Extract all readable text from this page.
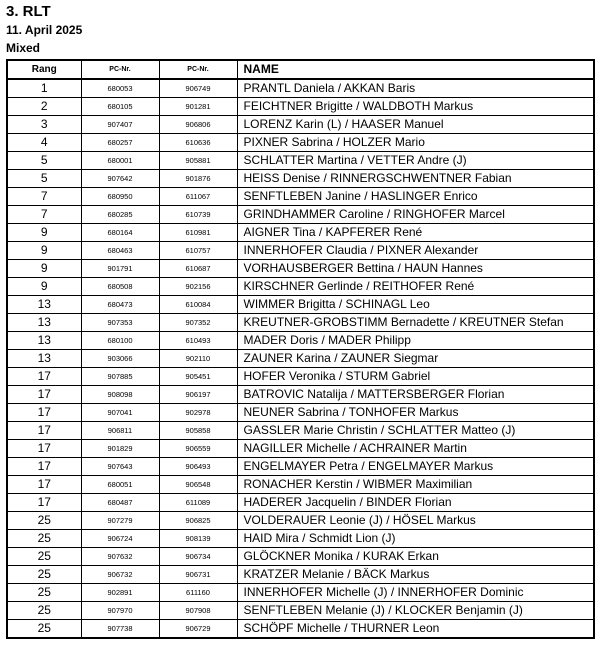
3. RLT
11. April 2025
Mixed
Rang	PC-Nr.	PC-Nr.	NAME
1	680053	906749	PRANTL Daniela / AKKAN Baris
2	680105	901281	FEICHTNER Brigitte / WALDBOTH Markus
3	907407	906806	LORENZ Karin (L) / HAASER Manuel
4	680257	610636	PIXNER Sabrina / HOLZER Mario
5	680001	905881	SCHLATTER Martina / VETTER Andre (J)
5	907642	901876	HEISS Denise / RINNERGSCHWENTNER Fabian
7	680950	611067	SENFTLEBEN Janine / HASLINGER Enrico
7	680285	610739	GRINDHAMMER Caroline / RINGHOFER Marcel
9	680164	610981	AIGNER Tina / KAPFERER René
9	680463	610757	INNERHOFER Claudia / PIXNER Alexander
9	901791	610687	VORHAUSBERGER Bettina / HAUN Hannes
9	680508	902156	KIRSCHNER Gerlinde / REITHOFER René
13	680473	610084	WIMMER Brigitta / SCHINAGL Leo
13	907353	907352	KREUTNER-GROBSTIMM Bernadette / KREUTNER Stefan
13	680100	610493	MADER Doris / MADER Philipp
13	903066	902110	ZAUNER Karina / ZAUNER Siegmar
17	907885	905451	HOFER Veronika / STURM Gabriel
17	908098	906197	BATROVIC Natalija / MATTERSBERGER Florian
17	907041	902978	NEUNER Sabrina / TONHOFER Markus
17	906811	905858	GASSLER Marie Christin / SCHLATTER Matteo (J)
17	901829	906559	NAGILLER Michelle / ACHRAINER Martin
17	907643	906493	ENGELMAYER Petra / ENGELMAYER Markus
17	680051	906548	RONACHER Kerstin / WIBMER Maximilian
17	680487	611089	HADERER Jacquelin / BINDER Florian
25	907279	906825	VOLDERAUER Leonie (J) / HÖSEL Markus
25	906724	908139	HAID Mira / Schmidt Lion (J)
25	907632	906734	GLÖCKNER Monika / KURAK Erkan
25	906732	906731	KRATZER Melanie / BÄCK Markus
25	902891	611160	INNERHOFER Michelle (J) / INNERHOFER Dominic
25	907970	907908	SENFTLEBEN Melanie (J) / KLOCKER Benjamin (J)
25	907738	906729	SCHÖPF Michelle / THURNER Leon
